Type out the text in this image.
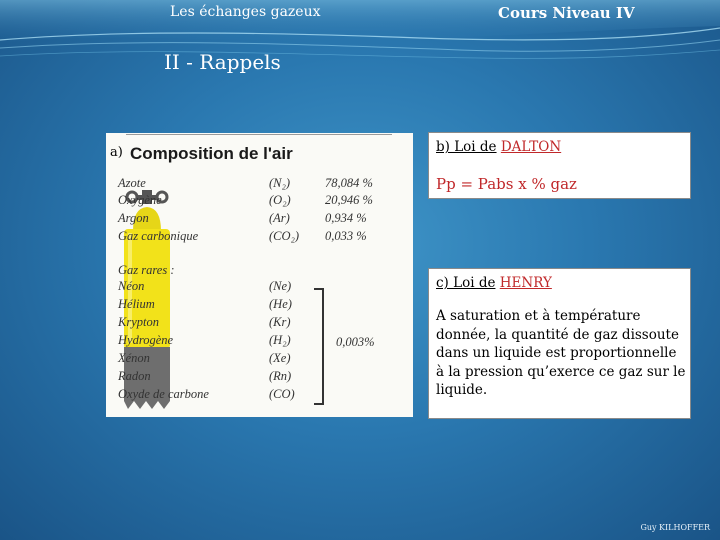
Les échanges gazeux	Cours Niveau IV
II - Rappels
a) Composition de l'air
Azote	(N₂)	78,084 %
Oxygène	(O₂)	20,946 %
Argon	(Ar)	0,934 %
Gaz carbonique	(CO₂) 0,033 %
Gaz rares :
Néon	(Ne)
Hélium	(He)
Krypton	(Kr)
Hydrogène	(H₂)
Xénon	(Xe)
Radon	(Rn)
Oxyde de carbone	(CO)
0,003%
b) Loi de DALTON
Pp = Pabs x % gaz
c) Loi de HENRY
A saturation et à température donnée, la quantité de gaz dissoute dans un liquide est proportionnelle à la pression qu’exerce ce gaz sur le liquide.
Guy KILHOFFER
